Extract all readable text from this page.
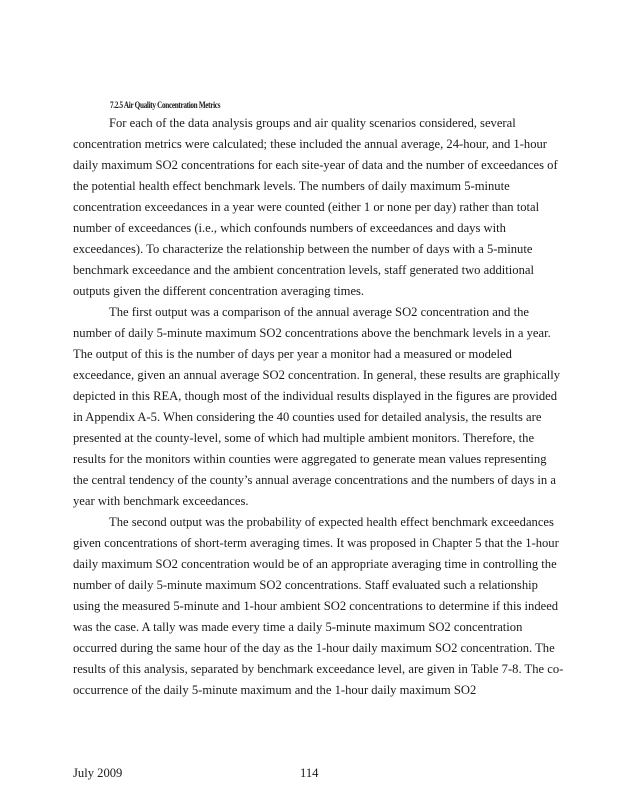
7.2.5 Air Quality Concentration Metrics

For each of the data analysis groups and air quality scenarios considered, several concentration metrics were calculated; these included the annual average, 24-hour, and 1-hour daily maximum SO2 concentrations for each site-year of data and the number of exceedances of the potential health effect benchmark levels. The numbers of daily maximum 5-minute concentration exceedances in a year were counted (either 1 or none per day) rather than total number of exceedances (i.e., which confounds numbers of exceedances and days with exceedances). To characterize the relationship between the number of days with a 5-minute benchmark exceedance and the ambient concentration levels, staff generated two additional outputs given the different concentration averaging times.

The first output was a comparison of the annual average SO2 concentration and the number of daily 5-minute maximum SO2 concentrations above the benchmark levels in a year. The output of this is the number of days per year a monitor had a measured or modeled exceedance, given an annual average SO2 concentration. In general, these results are graphically depicted in this REA, though most of the individual results displayed in the figures are provided in Appendix A-5. When considering the 40 counties used for detailed analysis, the results are presented at the county-level, some of which had multiple ambient monitors. Therefore, the results for the monitors within counties were aggregated to generate mean values representing the central tendency of the county’s annual average concentrations and the numbers of days in a year with benchmark exceedances.

The second output was the probability of expected health effect benchmark exceedances given concentrations of short-term averaging times. It was proposed in Chapter 5 that the 1-hour daily maximum SO2 concentration would be of an appropriate averaging time in controlling the number of daily 5-minute maximum SO2 concentrations. Staff evaluated such a relationship using the measured 5-minute and 1-hour ambient SO2 concentrations to determine if this indeed was the case. A tally was made every time a daily 5-minute maximum SO2 concentration occurred during the same hour of the day as the 1-hour daily maximum SO2 concentration. The results of this analysis, separated by benchmark exceedance level, are given in Table 7-8. The co-occurrence of the daily 5-minute maximum and the 1-hour daily maximum SO2

July 2009	114
